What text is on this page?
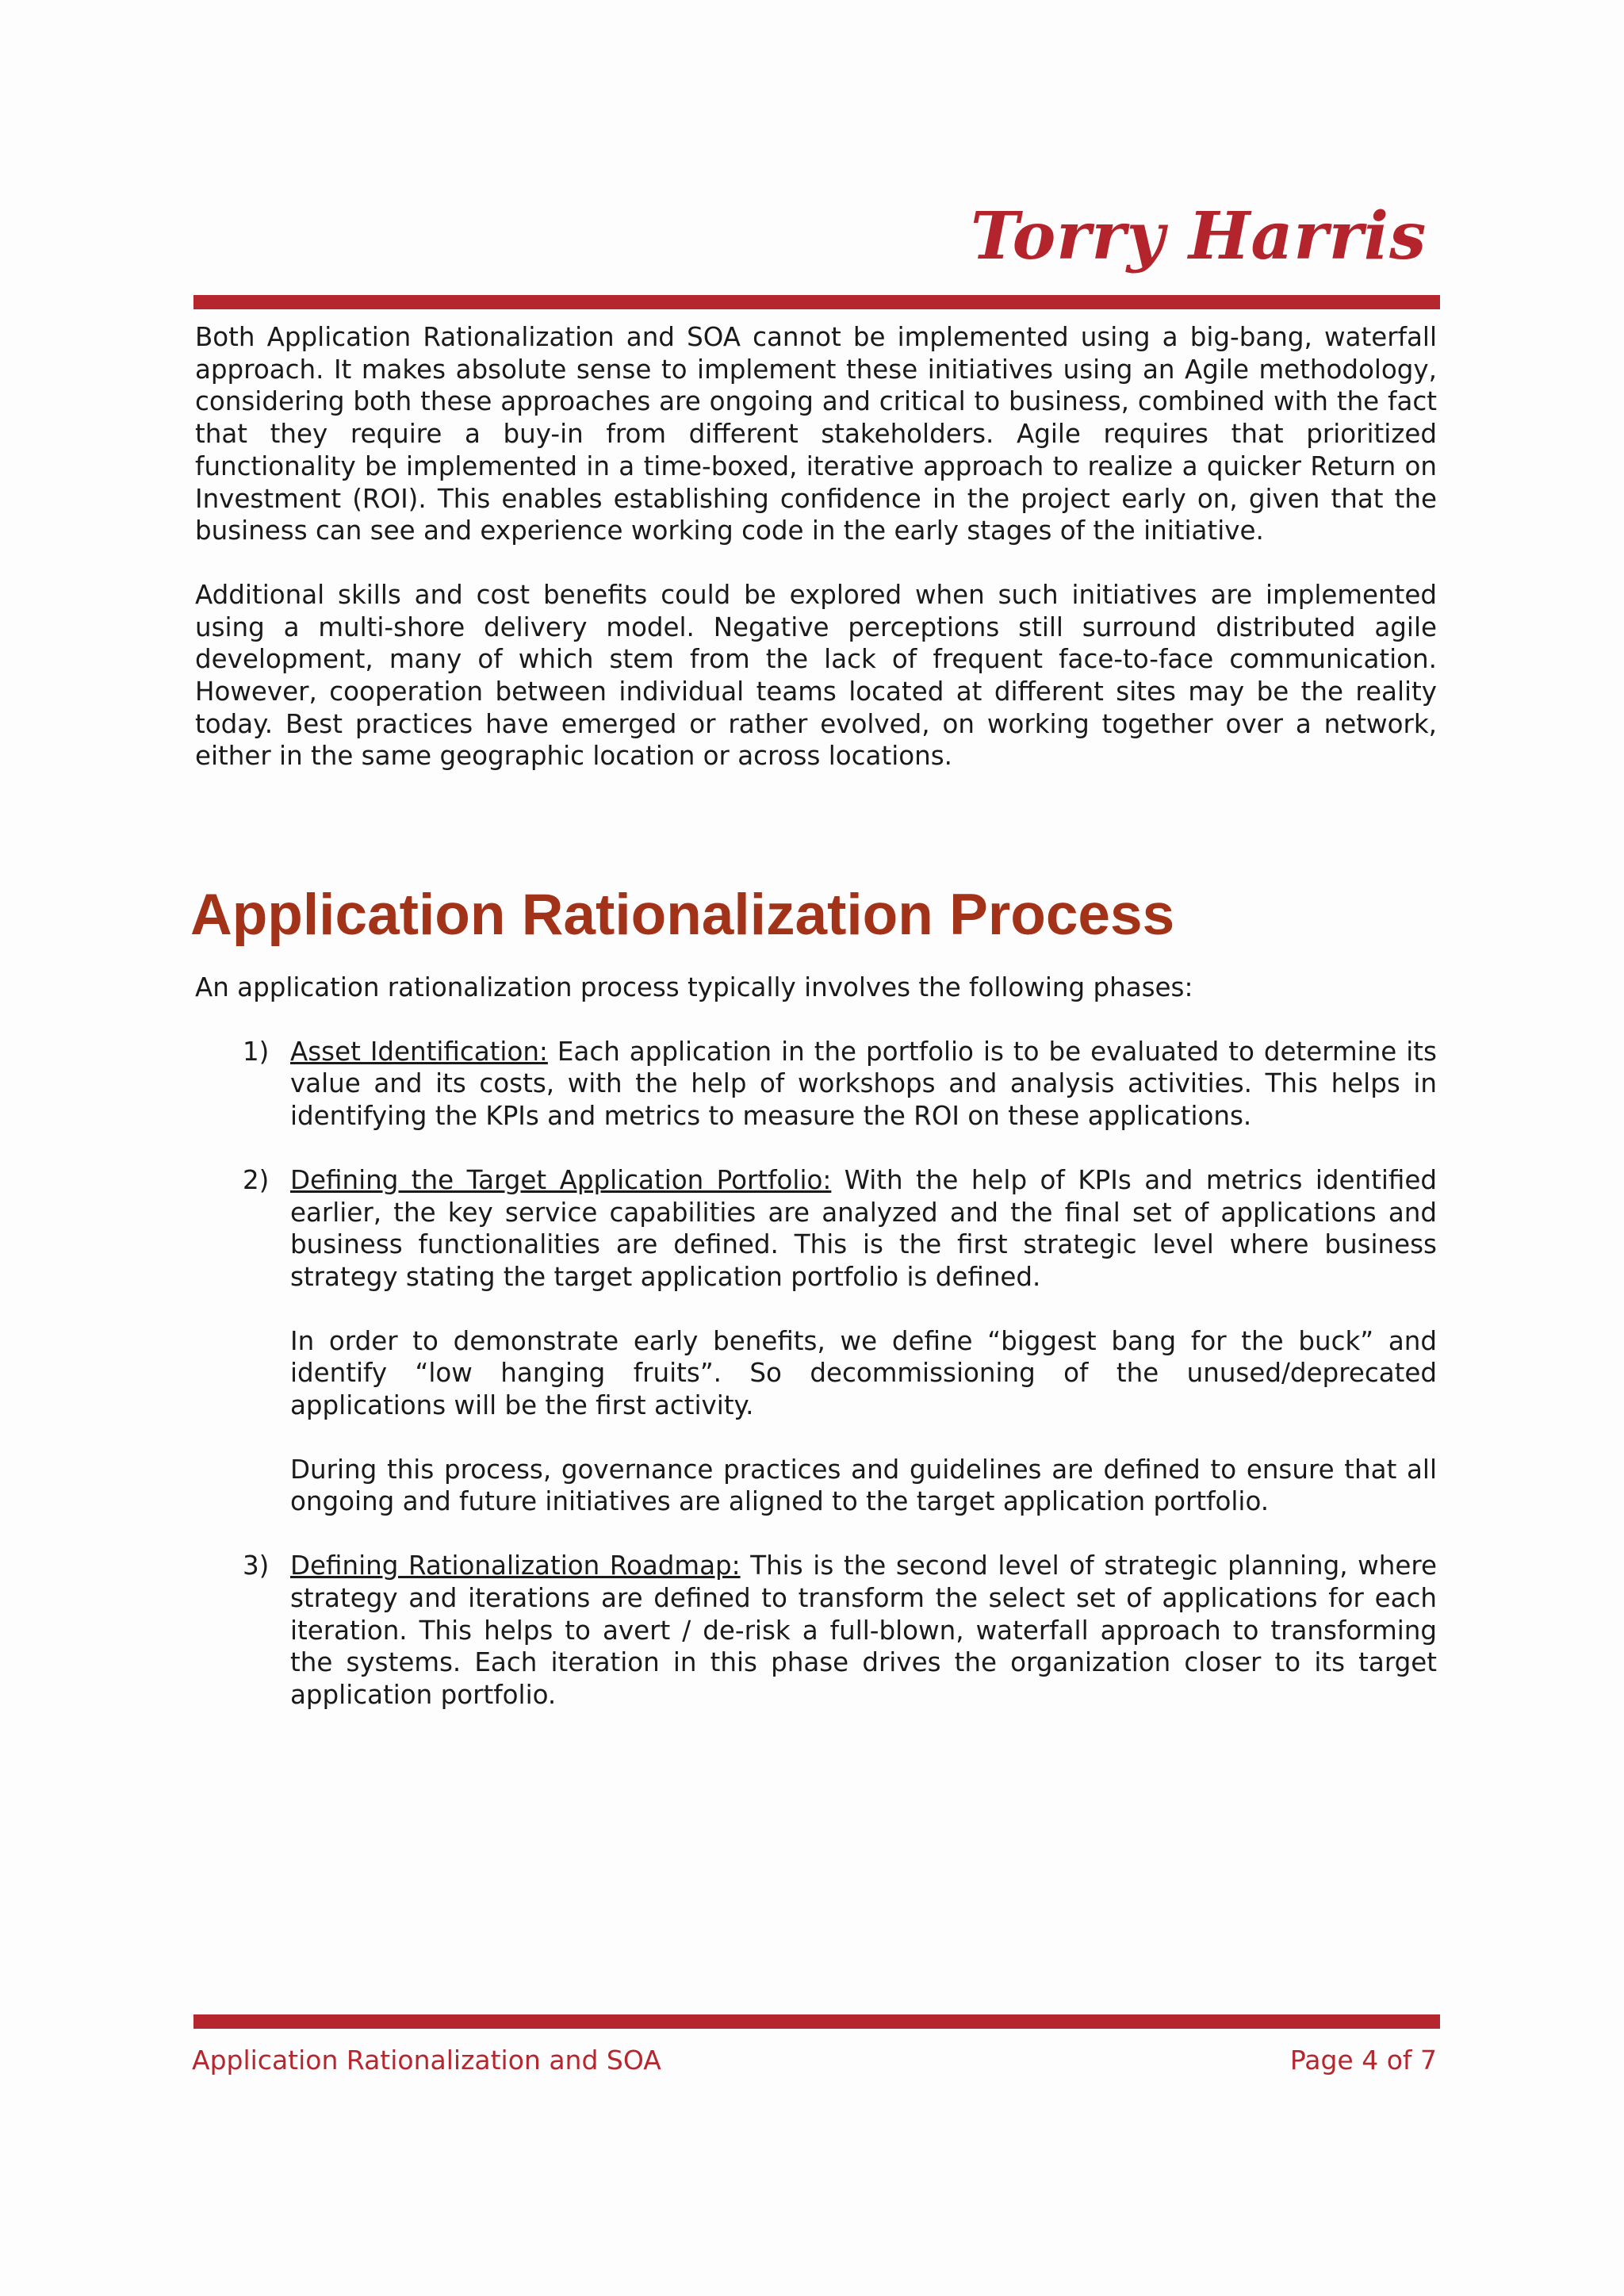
Torry Harris

Both Application Rationalization and SOA cannot be implemented using a big-bang, waterfall approach. It makes absolute sense to implement these initiatives using an Agile methodology, considering both these approaches are ongoing and critical to business, combined with the fact that they require a buy-in from different stakeholders. Agile requires that prioritized functionality be implemented in a time-boxed, iterative approach to realize a quicker Return on Investment (ROI). This enables establishing confidence in the project early on, given that the business can see and experience working code in the early stages of the initiative.

Additional skills and cost benefits could be explored when such initiatives are implemented using a multi-shore delivery model. Negative perceptions still surround distributed agile development, many of which stem from the lack of frequent face-to-face communication. However, cooperation between individual teams located at different sites may be the reality today. Best practices have emerged or rather evolved, on working together over a network, either in the same geographic location or across locations.

Application Rationalization Process

An application rationalization process typically involves the following phases:

1) Asset Identification: Each application in the portfolio is to be evaluated to determine its value and its costs, with the help of workshops and analysis activities. This helps in identifying the KPIs and metrics to measure the ROI on these applications.

2) Defining the Target Application Portfolio: With the help of KPIs and metrics identified earlier, the key service capabilities are analyzed and the final set of applications and business functionalities are defined. This is the first strategic level where business strategy stating the target application portfolio is defined.

In order to demonstrate early benefits, we define “biggest bang for the buck” and identify “low hanging fruits”. So decommissioning of the unused/deprecated applications will be the first activity.

During this process, governance practices and guidelines are defined to ensure that all ongoing and future initiatives are aligned to the target application portfolio.

3) Defining Rationalization Roadmap: This is the second level of strategic planning, where strategy and iterations are defined to transform the select set of applications for each iteration. This helps to avert / de-risk a full-blown, waterfall approach to transforming the systems. Each iteration in this phase drives the organization closer to its target application portfolio.

Application Rationalization and SOA	Page 4 of 7
